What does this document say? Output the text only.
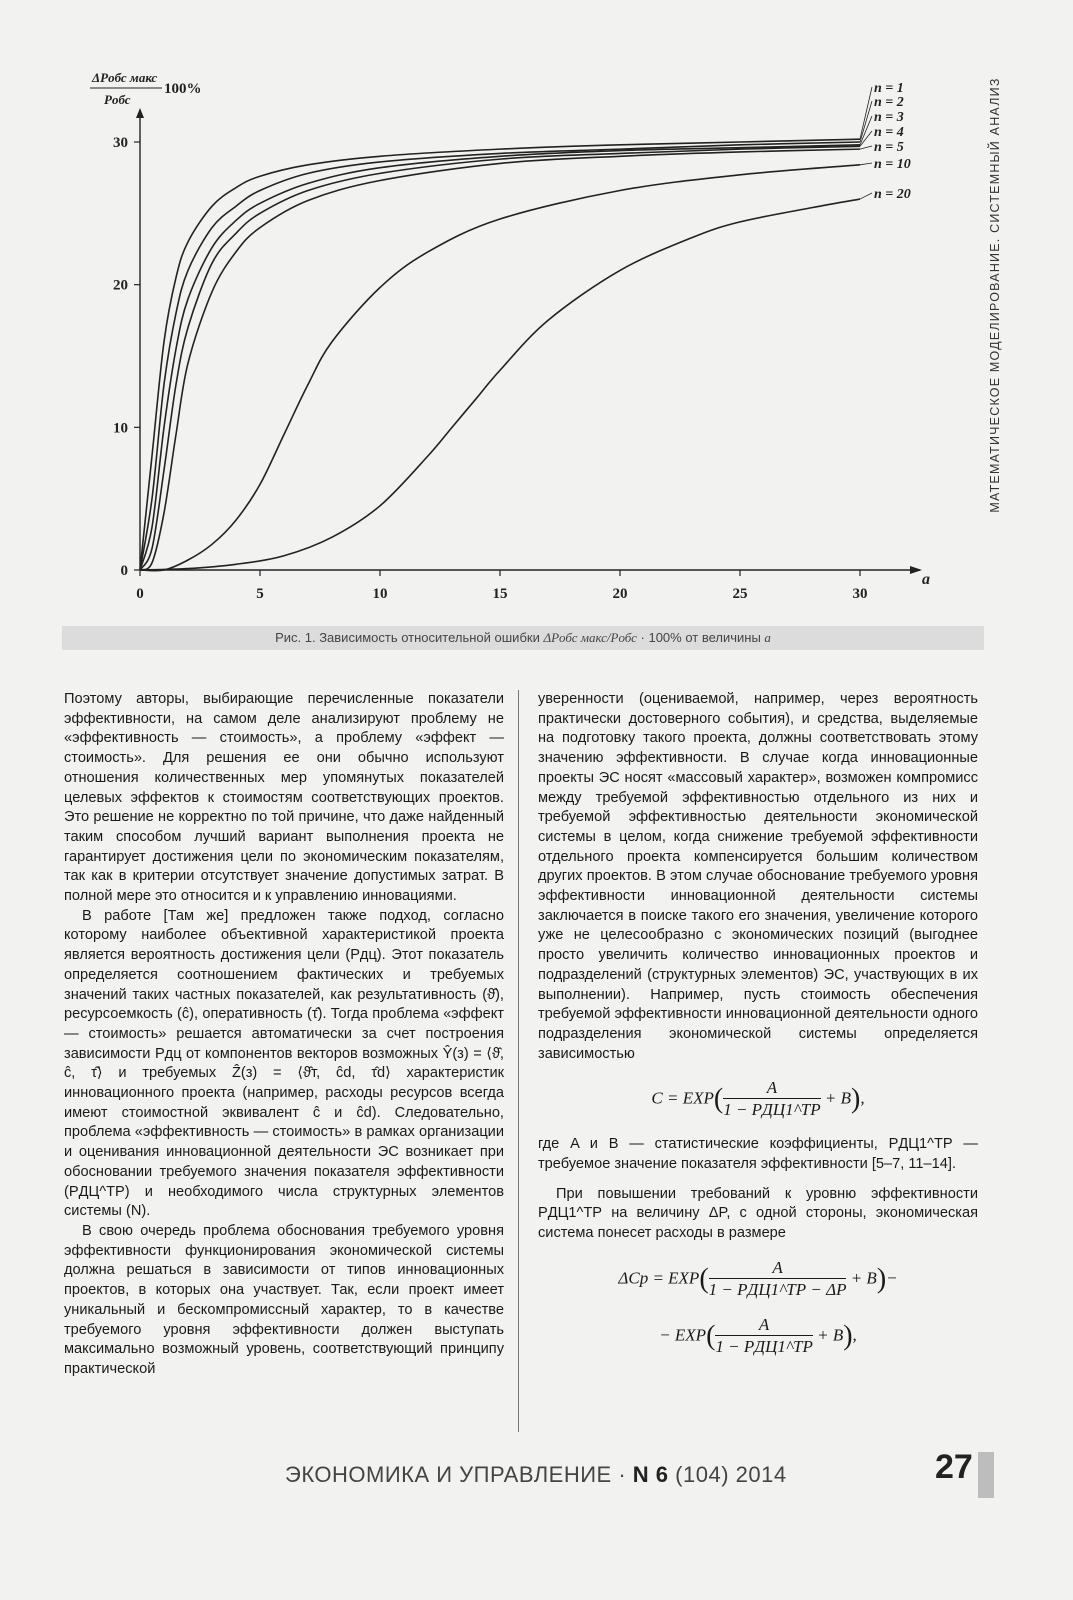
0	5	10	15	20	25	30
0
10
20
30
a
ΔPобс макс
Pобс
100%	n = 1
n = 2
n = 3
n = 4
n = 5
n = 10
n = 20	МАТЕМАТИЧЕСКОЕ МОДЕЛИРОВАНИЕ. СИСТЕМНЫЙ АНАЛИЗ
Рис. 1. Зависимость относительной ошибки ΔPобс макс/Pобс · 100% от величины a

Поэтому авторы, выбирающие перечисленные показатели эффективности, на самом деле анализируют проблему не «эффективность — стоимость», а проблему «эффект — стоимость». Для решения ее они обычно используют отношения количественных мер упомянутых показателей целевых эффектов к стоимостям соответствующих проектов. Это решение не корректно по той причине, что даже найденный таким способом лучший вариант выполнения проекта не гарантирует достижения цели по экономическим показателям, так как в критерии отсутствует значение допустимых затрат. В полной мере это относится и к управлению инновациями.

В работе [Там же] предложен также подход, согласно которому наиболее объективной характеристикой проекта является вероятность достижения цели (Pдц). Этот показатель определяется соотношением фактических и требуемых значений таких частных показателей, как результативность (ϑ̂), ресурсоемкость (ĉ), оперативность (τ̂). Тогда проблема «эффект — стоимость» решается автоматически за счет построения зависимости Pдц от компонентов векторов возможных Ŷ(з) = ⟨ϑ̂, ĉ, τ̂⟩ и требуемых Ẑ(з) = ⟨ϑ̂т, ĉd, τ̂d⟩ характеристик инновационного проекта (например, расходы ресурсов всегда имеют стоимостной эквивалент ĉ и ĉd). Следовательно, проблема «эффективность — стоимость» в рамках организации и оценивания инновационной деятельности ЭС возникает при обосновании требуемого значения показателя эффективности (PДЦ^ТР) и необходимого числа структурных элементов системы (N).

В свою очередь проблема обоснования требуемого уровня эффективности функционирования экономической системы должна решаться в зависимости от типов инновационных проектов, в которых она участвует. Так, если проект имеет уникальный и бескомпромиссный характер, то в качестве требуемого уровня эффективности должен выступать максимально возможный уровень, соответствующий принципу практической

уверенности (оцениваемой, например, через вероятность практически достоверного события), и средства, выделяемые на подготовку такого проекта, должны соответствовать этому значению эффективности. В случае когда инновационные проекты ЭС носят «массовый характер», возможен компромисс между требуемой эффективностью отдельного из них и требуемой эффективностью деятельности экономической системы в целом, когда снижение требуемой эффективности отдельного проекта компенсируется большим количеством других проектов. В этом случае обоснование требуемого уровня эффективности инновационной деятельности системы заключается в поиске такого его значения, увеличение которого уже не целесообразно с экономических позиций (выгоднее просто увеличить количество инновационных проектов и подразделений (структурных элементов) ЭС, участвующих в их выполнении). Например, пусть стоимость обеспечения требуемой эффективности инновационной деятельности одного подразделения экономической системы определяется зависимостью

$C = EXP( \frac{A}{\text{1 − PДЦ1\textasciicircum{}ТР}} + B)$,

где A и B — статистические коэффициенты, PДЦ1^ТР — требуемое значение показателя эффективности [5–7, 11–14].

При повышении требований к уровню эффективности PДЦ1^ТР на величину ΔP, с одной стороны, экономическая система понесет расходы в размере

$\Delta Cp = EXP( \frac{A}{\text{1 − PДЦ1\textasciicircum{}ТР − ΔP}} + B)-$
− $EXP( \frac{A}{\text{1 − PДЦ1\textasciicircum{}ТР}} + B)$,
ЭКОНОМИКА И УПРАВЛЕНИЕ · N 6 (104) 2014	27
